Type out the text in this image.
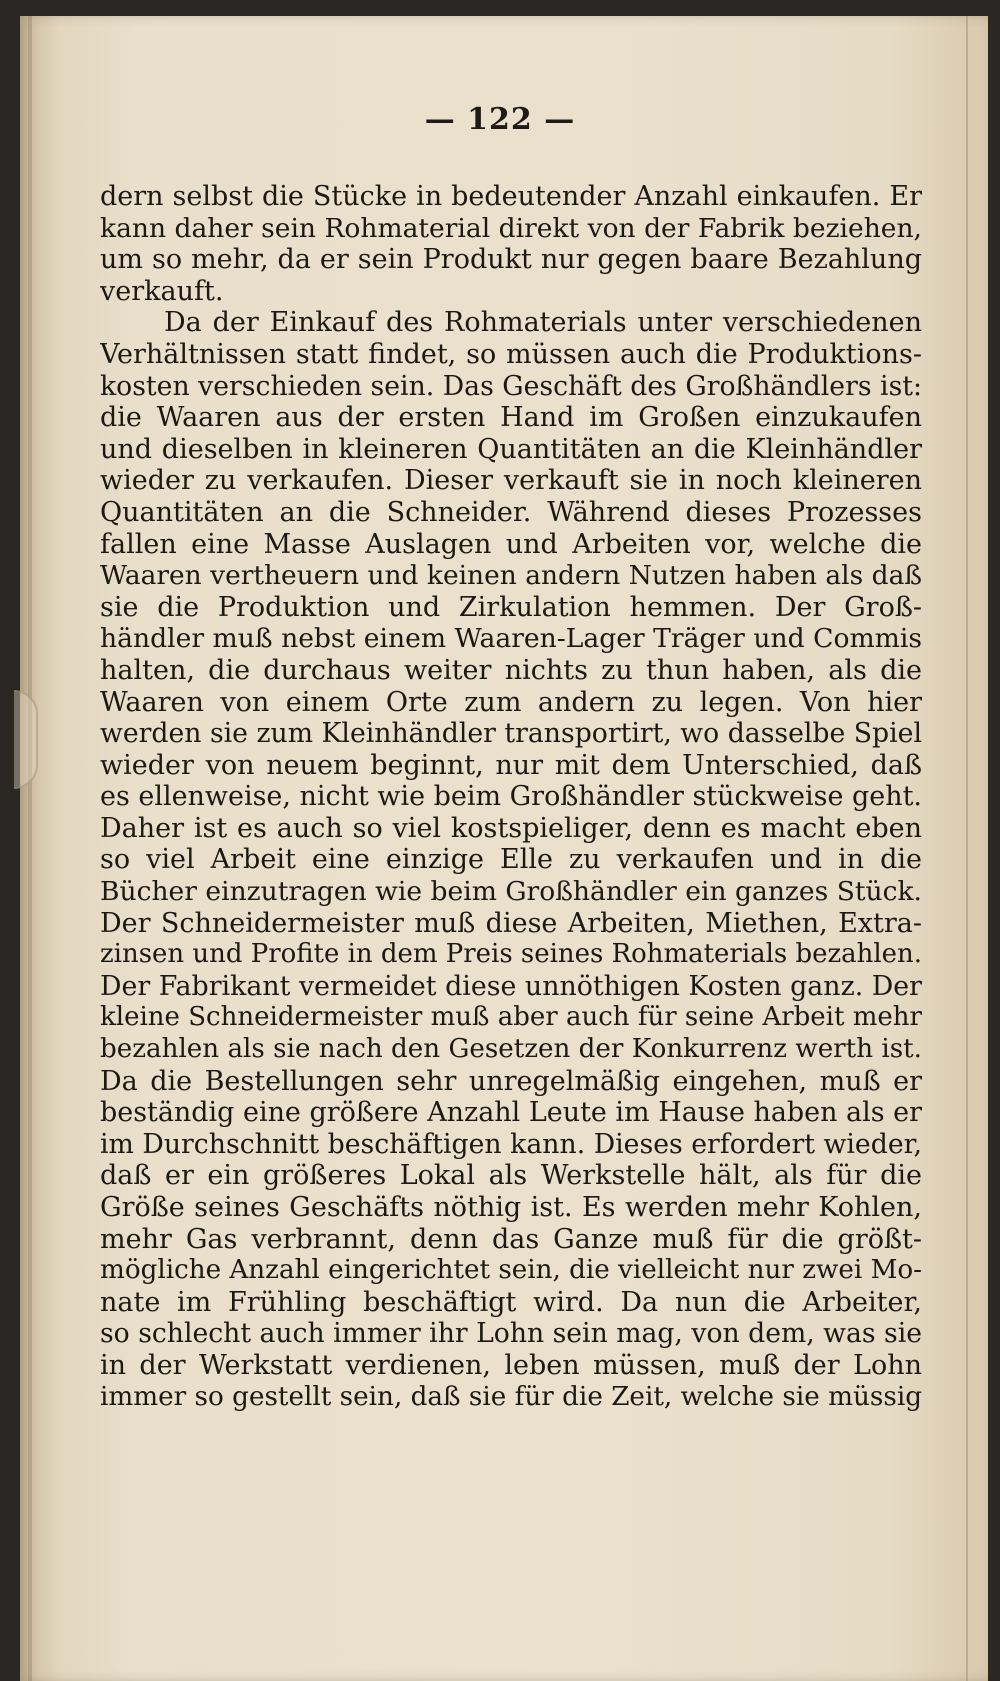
— 122 —
dern selbst die Stücke in bedeutender Anzahl einkaufen. Er
kann daher sein Rohmaterial direkt von der Fabrik beziehen,
um so mehr, da er sein Produkt nur gegen baare Bezahlung
verkauft.
Da der Einkauf des Rohmaterials unter verschiedenen
Verhältnissen statt findet, so müssen auch die Produktions-
kosten verschieden sein. Das Geschäft des Großhändlers ist:
die Waaren aus der ersten Hand im Großen einzukaufen
und dieselben in kleineren Quantitäten an die Kleinhändler
wieder zu verkaufen. Dieser verkauft sie in noch kleineren
Quantitäten an die Schneider. Während dieses Prozesses
fallen eine Masse Auslagen und Arbeiten vor, welche die
Waaren vertheuern und keinen andern Nutzen haben als daß
sie die Produktion und Zirkulation hemmen. Der Groß-
händler muß nebst einem Waaren-Lager Träger und Commis
halten, die durchaus weiter nichts zu thun haben, als die
Waaren von einem Orte zum andern zu legen. Von hier
werden sie zum Kleinhändler transportirt, wo dasselbe Spiel
wieder von neuem beginnt, nur mit dem Unterschied, daß
es ellenweise, nicht wie beim Großhändler stückweise geht.
Daher ist es auch so viel kostspieliger, denn es macht eben
so viel Arbeit eine einzige Elle zu verkaufen und in die
Bücher einzutragen wie beim Großhändler ein ganzes Stück.
Der Schneidermeister muß diese Arbeiten, Miethen, Extra-
zinsen und Profite in dem Preis seines Rohmaterials bezahlen.
Der Fabrikant vermeidet diese unnöthigen Kosten ganz. Der
kleine Schneidermeister muß aber auch für seine Arbeit mehr
bezahlen als sie nach den Gesetzen der Konkurrenz werth ist.
Da die Bestellungen sehr unregelmäßig eingehen, muß er
beständig eine größere Anzahl Leute im Hause haben als er
im Durchschnitt beschäftigen kann. Dieses erfordert wieder,
daß er ein größeres Lokal als Werkstelle hält, als für die
Größe seines Geschäfts nöthig ist. Es werden mehr Kohlen,
mehr Gas verbrannt, denn das Ganze muß für die größt-
mögliche Anzahl eingerichtet sein, die vielleicht nur zwei Mo-
nate im Frühling beschäftigt wird. Da nun die Arbeiter,
so schlecht auch immer ihr Lohn sein mag, von dem, was sie
in der Werkstatt verdienen, leben müssen, muß der Lohn
immer so gestellt sein, daß sie für die Zeit, welche sie müssig
